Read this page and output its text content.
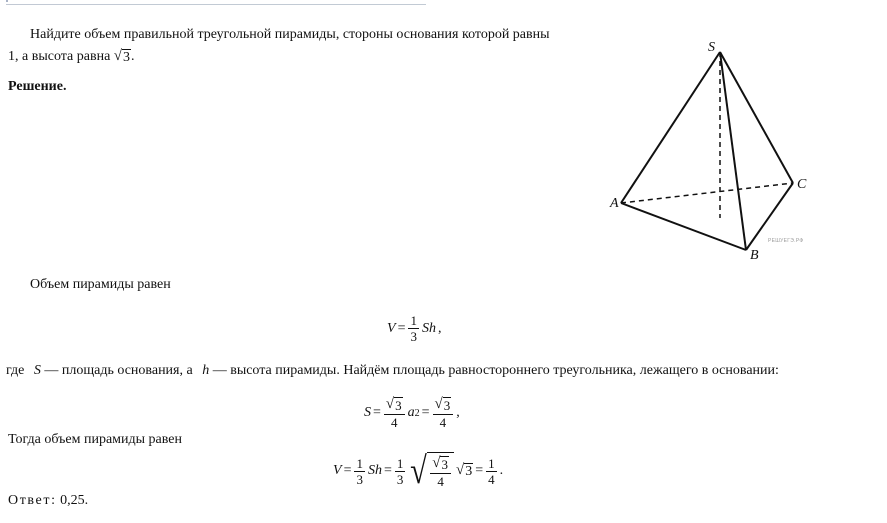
Найдите объем правильной треугольной пирамиды, стороны основания которой равны
1, а высота равна √ 3 .
Решение.
S
A
B
C
РЕШУЕГЭ.РФ
Объем пирамиды равен
$V = \frac{1}{3}$ Sh ,
где S — площадь основания, а h — высота пирамиды. Найдём площадь равностороннего треугольника, лежащего в основании:
$S = \frac{√ 3}{4}$ a $2 = \frac{√ 3}{4}$ ,
Тогда объем пирамиды равен
$V = \frac{1}{3}$ $Sh = \frac{1}{3}$ √ $\frac{√ 3}{4}$ √ $3 = \frac{1}{4}$ .
Ответ: 0,25.
